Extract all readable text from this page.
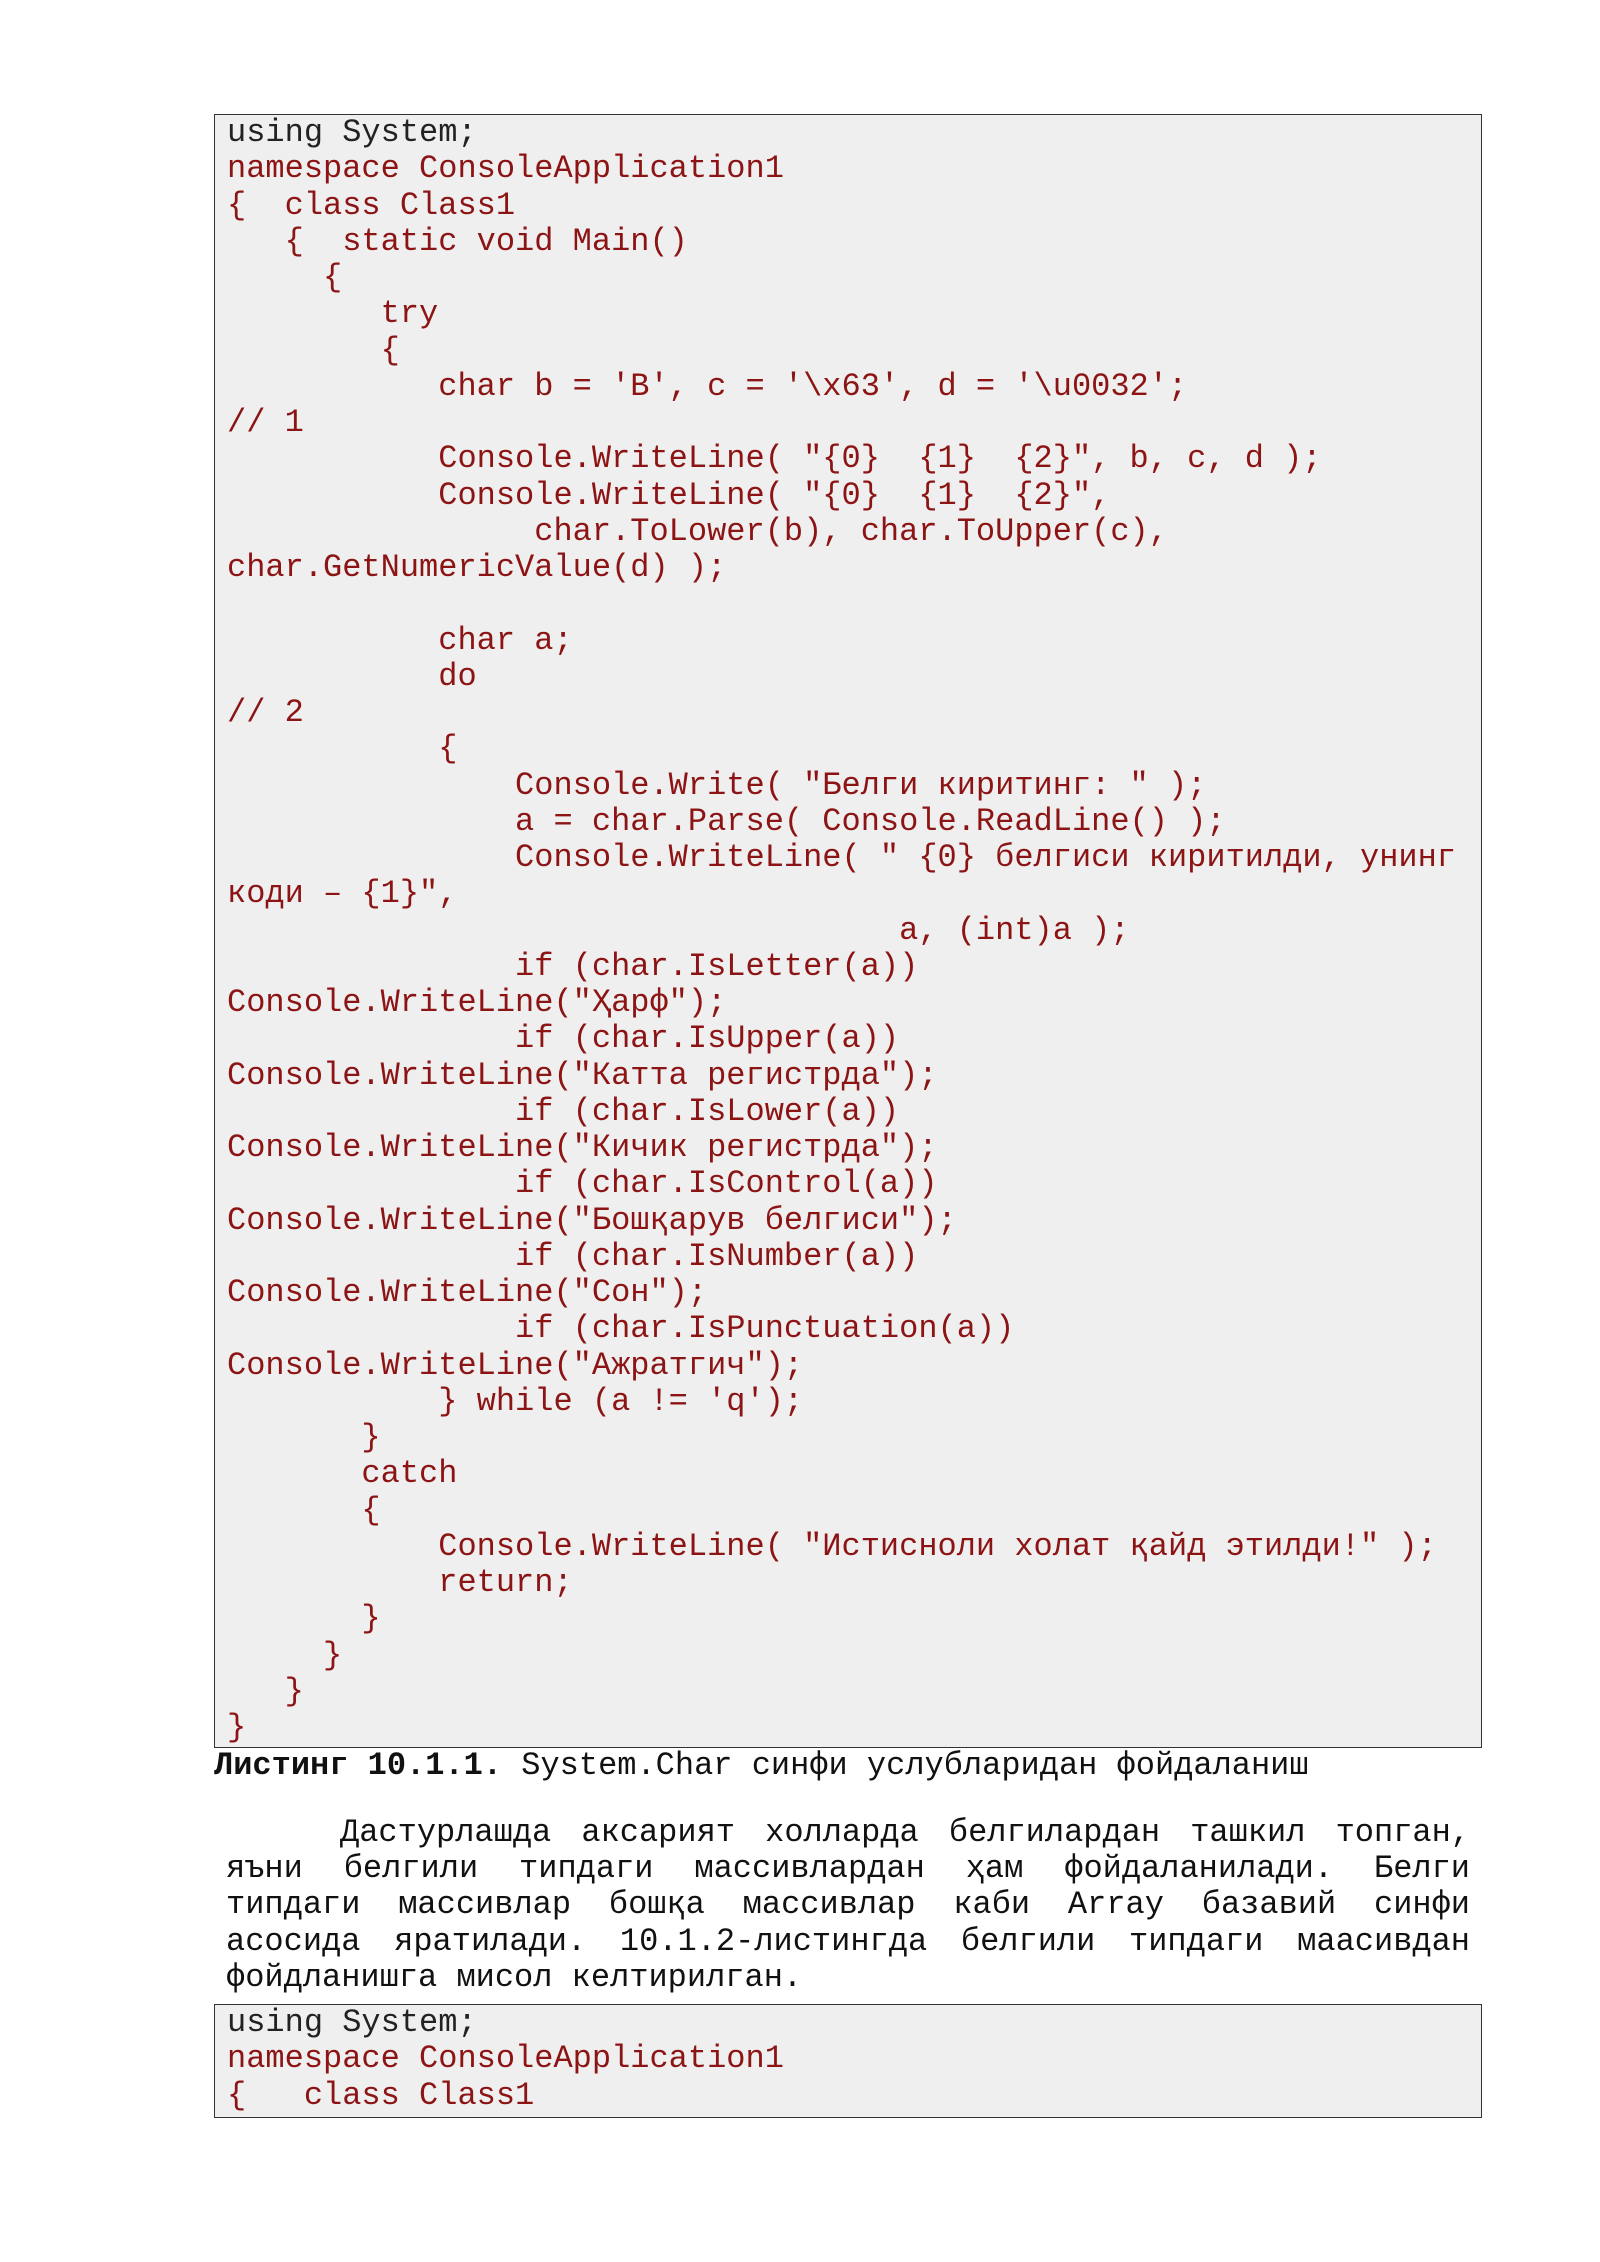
using System;
namespace ConsoleApplication1
{  class Class1
{  static void Main()
{
try
{
char b = 'B', c = '\x63', d = '\u0032';
// 1
Console.WriteLine( "{0}  {1}  {2}", b, c, d );
Console.WriteLine( "{0}  {1}  {2}",
char.ToLower(b), char.ToUpper(c),
char.GetNumericValue(d) );
char a;
do
// 2
{
Console.Write( "Белги киритинг: " );
a = char.Parse( Console.ReadLine() );
Console.WriteLine( " {0} белгиси киритилди, унинг
коди – {1}",
a, (int)a );
if (char.IsLetter(a))
Console.WriteLine("Ҳарф");
if (char.IsUpper(a))
Console.WriteLine("Катта регистрда");
if (char.IsLower(a))
Console.WriteLine("Кичик регистрда");
if (char.IsControl(a))
Console.WriteLine("Бошқарув белгиси");
if (char.IsNumber(a))
Console.WriteLine("Сон");
if (char.IsPunctuation(a))
Console.WriteLine("Ажратгич");
} while (a != 'q');
}
catch
{
Console.WriteLine( "Истисноли холат қайд этилди!" );
return;
}
}
}
}
Листинг 10.1.1. System.Char синфи услубларидан фойдаланиш
Дастурлашда аксарият холларда белгилардан ташкил топган,
яъни белгили типдаги массивлардан ҳам фойдаланилади. Белги
типдаги массивлар бошқа массивлар каби Array базавий синфи
асосида яратилади. 10.1.2-листингда белгили типдаги маасивдан
фойдланишга мисол келтирилган.
using System;
namespace ConsoleApplication1
{   class Class1
